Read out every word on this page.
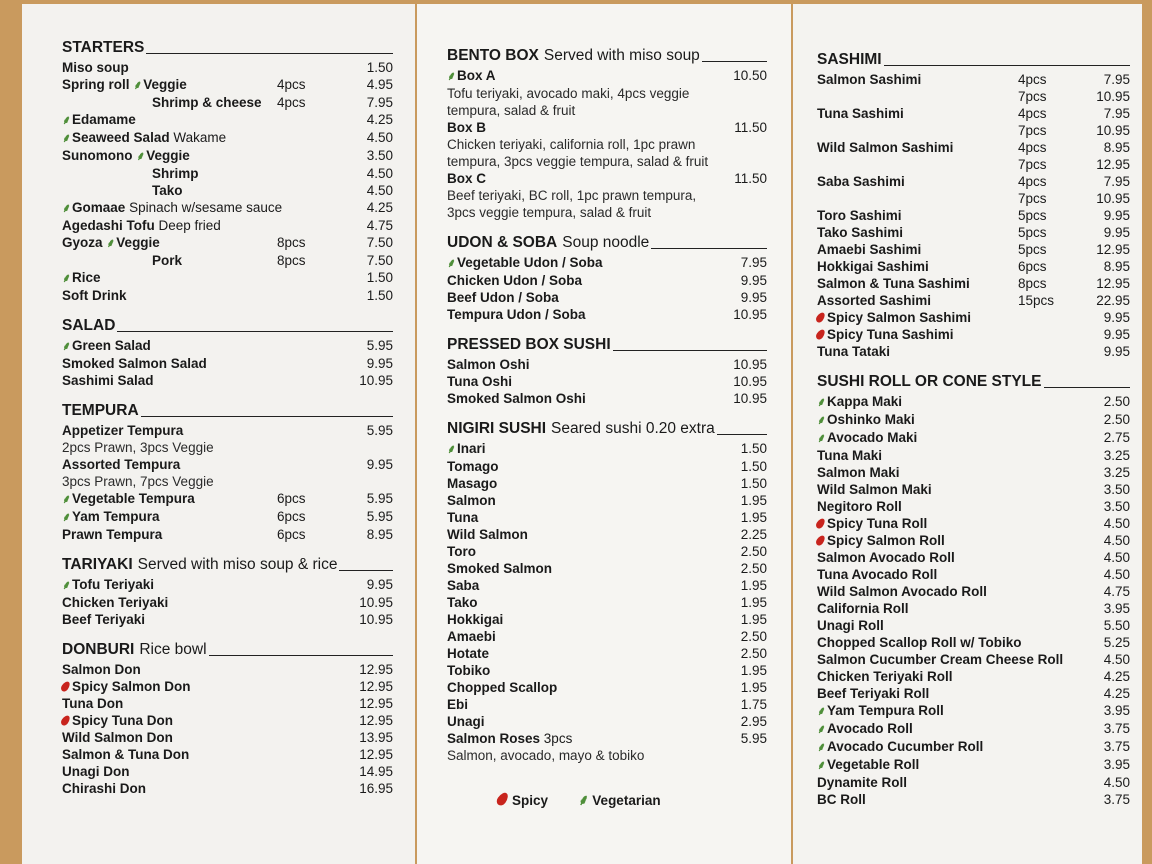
STARTERS
Miso soup	1.50
Spring roll ⸙Veggie	4pcs	4.95
Shrimp & cheese	4pcs	7.95
⸙Edamame	4.25
⸙Seaweed Salad Wakame	4.50
Sunomono ⸙Veggie	3.50
Shrimp	4.50
Tako	4.50
⸙Gomaae Spinach w/sesame sauce	4.25
Agedashi Tofu Deep fried	4.75
Gyoza ⸙Veggie	8pcs	7.50
Pork	8pcs	7.50
⸙Rice	1.50
Soft Drink	1.50
SALAD
⸙Green Salad	5.95
Smoked Salmon Salad	9.95
Sashimi Salad	10.95
TEMPURA
Appetizer Tempura	5.95
2pcs Prawn, 3pcs Veggie
Assorted Tempura	9.95
3pcs Prawn, 7pcs Veggie
⸙Vegetable Tempura	6pcs	5.95
⸙Yam Tempura	6pcs	5.95
Prawn Tempura	6pcs	8.95
TARIYAKI Served with miso soup & rice
⸙Tofu Teriyaki	9.95
Chicken Teriyaki	10.95
Beef Teriyaki	10.95
DONBURI Rice bowl
Salmon Don	12.95
Spicy Salmon Don	12.95
Tuna Don	12.95
Spicy Tuna Don	12.95
Wild Salmon Don	13.95
Salmon & Tuna Don	12.95
Unagi Don	14.95
Chirashi Don	16.95
BENTO BOX Served with miso soup
⸙Box A	10.50
Tofu teriyaki, avocado maki, 4pcs veggie
tempura, salad & fruit
Box B	11.50
Chicken teriyaki, california roll, 1pc prawn
tempura, 3pcs veggie tempura, salad & fruit
Box C	11.50
Beef teriyaki, BC roll, 1pc prawn tempura,
3pcs veggie tempura, salad & fruit
UDON & SOBA Soup noodle
⸙Vegetable Udon / Soba	7.95
Chicken Udon / Soba	9.95
Beef Udon / Soba	9.95
Tempura Udon / Soba	10.95
PRESSED BOX SUSHI
Salmon Oshi	10.95
Tuna Oshi	10.95
Smoked Salmon Oshi	10.95
NIGIRI SUSHI Seared sushi 0.20 extra
⸙Inari	1.50
Tomago	1.50
Masago	1.50
Salmon	1.95
Tuna	1.95
Wild Salmon	2.25
Toro	2.50
Smoked Salmon	2.50
Saba	1.95
Tako	1.95
Hokkigai	1.95
Amaebi	2.50
Hotate	2.50
Tobiko	1.95
Chopped Scallop	1.95
Ebi	1.75
Unagi	2.95
Salmon Roses 3pcs	5.95
Salmon, avocado, mayo & tobiko
SASHIMI
Salmon Sashimi	4pcs	7.95
7pcs	10.95
Tuna Sashimi	4pcs	7.95
7pcs	10.95
Wild Salmon Sashimi	4pcs	8.95
7pcs	12.95
Saba Sashimi	4pcs	7.95
7pcs	10.95
Toro Sashimi	5pcs	9.95
Tako Sashimi	5pcs	9.95
Amaebi Sashimi	5pcs	12.95
Hokkigai Sashimi	6pcs	8.95
Salmon & Tuna Sashimi	8pcs	12.95
Assorted Sashimi	15pcs	22.95
Spicy Salmon Sashimi	9.95
Spicy Tuna Sashimi	9.95
Tuna Tataki	9.95
SUSHI ROLL OR CONE STYLE
⸙Kappa Maki	2.50
⸙Oshinko Maki	2.50
⸙Avocado Maki	2.75
Tuna Maki	3.25
Salmon Maki	3.25
Wild Salmon Maki	3.50
Negitoro Roll	3.50
Spicy Tuna Roll	4.50
Spicy Salmon Roll	4.50
Salmon Avocado Roll	4.50
Tuna Avocado Roll	4.50
Wild Salmon Avocado Roll	4.75
California Roll	3.95
Unagi Roll	5.50
Chopped Scallop Roll w/ Tobiko	5.25
Salmon Cucumber Cream Cheese Roll	4.50
Chicken Teriyaki Roll	4.25
Beef Teriyaki Roll	4.25
⸙Yam Tempura Roll	3.95
⸙Avocado Roll	3.75
⸙Avocado Cucumber Roll	3.75
⸙Vegetable Roll	3.95
Dynamite Roll	4.50
BC Roll	3.75
Spicy ⸙ Vegetarian
